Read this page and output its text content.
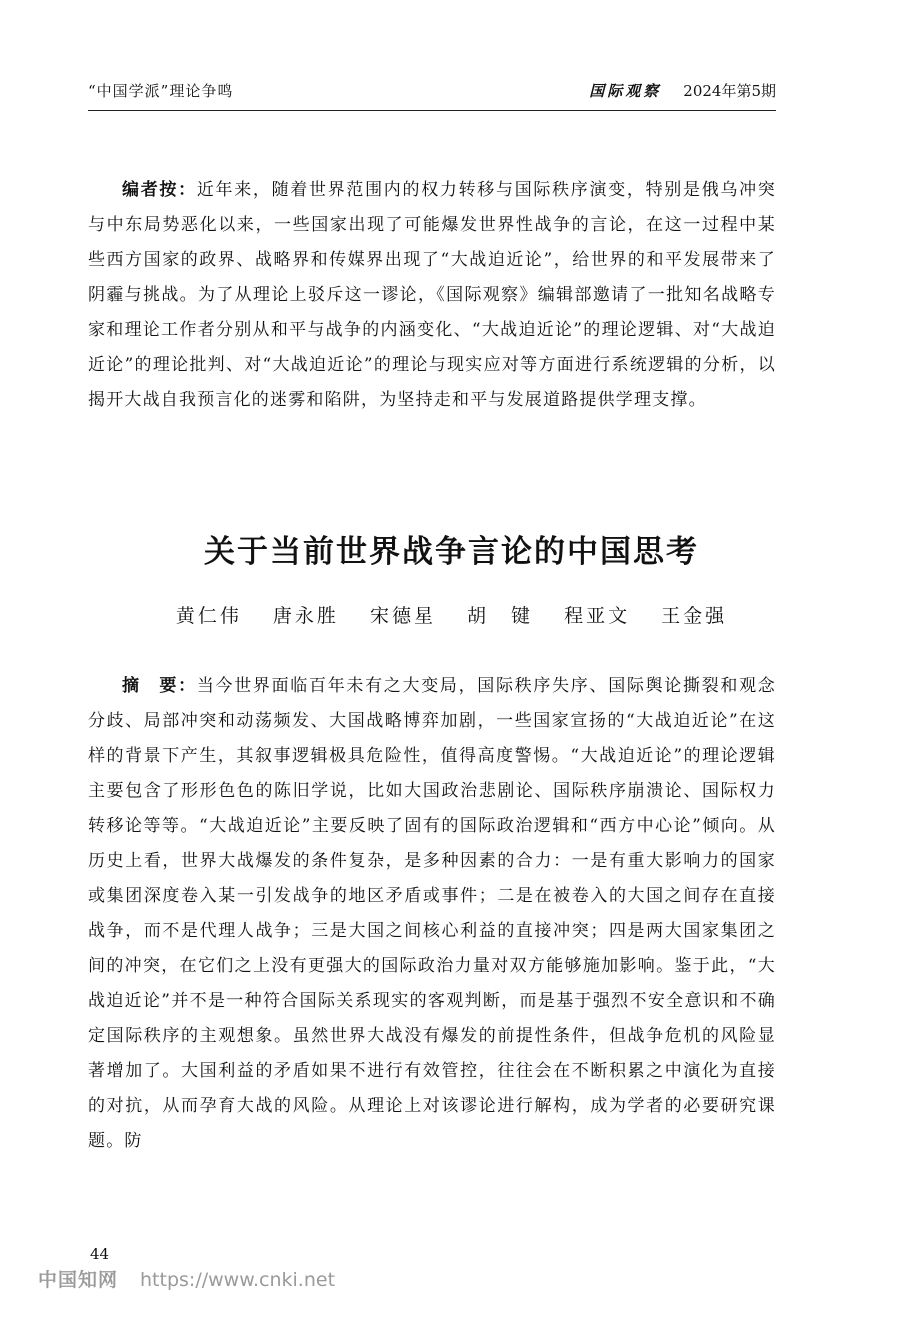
“中国学派”理论争鸣	国际观察 2024年第5期

编者按：近年来，随着世界范围内的权力转移与国际秩序演变，特别是俄乌冲突与中东局势恶化以来，一些国家出现了可能爆发世界性战争的言论，在这一过程中某些西方国家的政界、战略界和传媒界出现了“大战迫近论”，给世界的和平发展带来了阴霾与挑战。为了从理论上驳斥这一谬论，《国际观察》编辑部邀请了一批知名战略专家和理论工作者分别从和平与战争的内涵变化、“大战迫近论”的理论逻辑、对“大战迫近论”的理论批判、对“大战迫近论”的理论与现实应对等方面进行系统逻辑的分析，以揭开大战自我预言化的迷雾和陷阱，为坚持走和平与发展道路提供学理支撑。

关于当前世界战争言论的中国思考
黄仁伟 唐永胜 宋德星 胡　键 程亚文 王金强

摘　要：当今世界面临百年未有之大变局，国际秩序失序、国际舆论撕裂和观念分歧、局部冲突和动荡频发、大国战略博弈加剧，一些国家宣扬的“大战迫近论”在这样的背景下产生，其叙事逻辑极具危险性，值得高度警惕。“大战迫近论”的理论逻辑主要包含了形形色色的陈旧学说，比如大国政治悲剧论、国际秩序崩溃论、国际权力转移论等等。“大战迫近论”主要反映了固有的国际政治逻辑和“西方中心论”倾向。从历史上看，世界大战爆发的条件复杂，是多种因素的合力：一是有重大影响力的国家或集团深度卷入某一引发战争的地区矛盾或事件；二是在被卷入的大国之间存在直接战争，而不是代理人战争；三是大国之间核心利益的直接冲突；四是两大国家集团之间的冲突，在它们之上没有更强大的国际政治力量对双方能够施加影响。鉴于此，“大战迫近论”并不是一种符合国际关系现实的客观判断，而是基于强烈不安全意识和不确定国际秩序的主观想象。虽然世界大战没有爆发的前提性条件，但战争危机的风险显著增加了。大国利益的矛盾如果不进行有效管控，往往会在不断积累之中演化为直接的对抗，从而孕育大战的风险。从理论上对该谬论进行解构，成为学者的必要研究课题。防

44
中国知网 https://www.cnki.net
